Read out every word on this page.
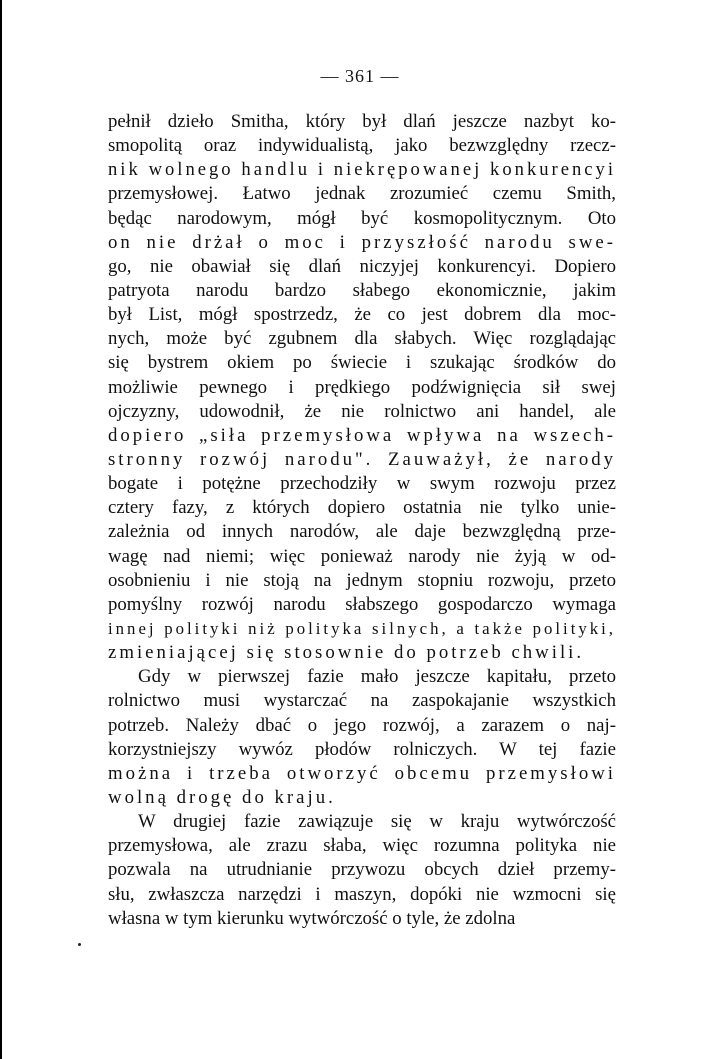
— 361 —
pełnił dzieło Smitha, który był dlań jeszcze nazbyt ko‑
smopolitą oraz indywidualistą, jako bezwzględny rzecz‑
nik wolnego handlu i niekrępowanej konkurencyi
przemysłowej. Łatwo jednak zrozumieć czemu Smith,
będąc narodowym, mógł być kosmopolitycznym. Oto
on nie drżał o moc i przyszłość narodu swe‑
go, nie obawiał się dlań niczyjej konkurencyi. Dopiero
patryota narodu bardzo słabego ekonomicznie, jakim
był List, mógł spostrzedz, że co jest dobrem dla moc‑
nych, może być zgubnem dla słabych. Więc rozglądając
się bystrem okiem po świecie i szukając środków do
możliwie pewnego i prędkiego podźwignięcia sił swej
ojczyzny, udowodnił, że nie rolnictwo ani handel, ale
dopiero „siła przemysłowa wpływa na wszech‑
stronny rozwój narodu". Zauważył, że narody
bogate i potężne przechodziły w swym rozwoju przez
cztery fazy, z których dopiero ostatnia nie tylko unie‑
zależnia od innych narodów, ale daje bezwzględną prze‑
wagę nad niemi; więc ponieważ narody nie żyją w od‑
osobnieniu i nie stoją na jednym stopniu rozwoju, przeto
pomyślny rozwój narodu słabszego gospodarczo wymaga
innej polityki niż polityka silnych, a także polityki,
zmieniającej się stosownie do potrzeb chwili.
Gdy w pierwszej fazie mało jeszcze kapitału, przeto
rolnictwo musi wystarczać na zaspokajanie wszystkich
potrzeb. Należy dbać o jego rozwój, a zarazem o naj‑
korzystniejszy wywóz płodów rolniczych. W tej fazie
można i trzeba otworzyć obcemu przemysłowi
wolną drogę do kraju.
W drugiej fazie zawiązuje się w kraju wytwórczość
przemysłowa, ale zrazu słaba, więc rozumna polityka nie
pozwala na utrudnianie przywozu obcych dzieł przemy‑
słu, zwłaszcza narzędzi i maszyn, dopóki nie wzmocni się
własna w tym kierunku wytwórczość o tyle, że zdolna
